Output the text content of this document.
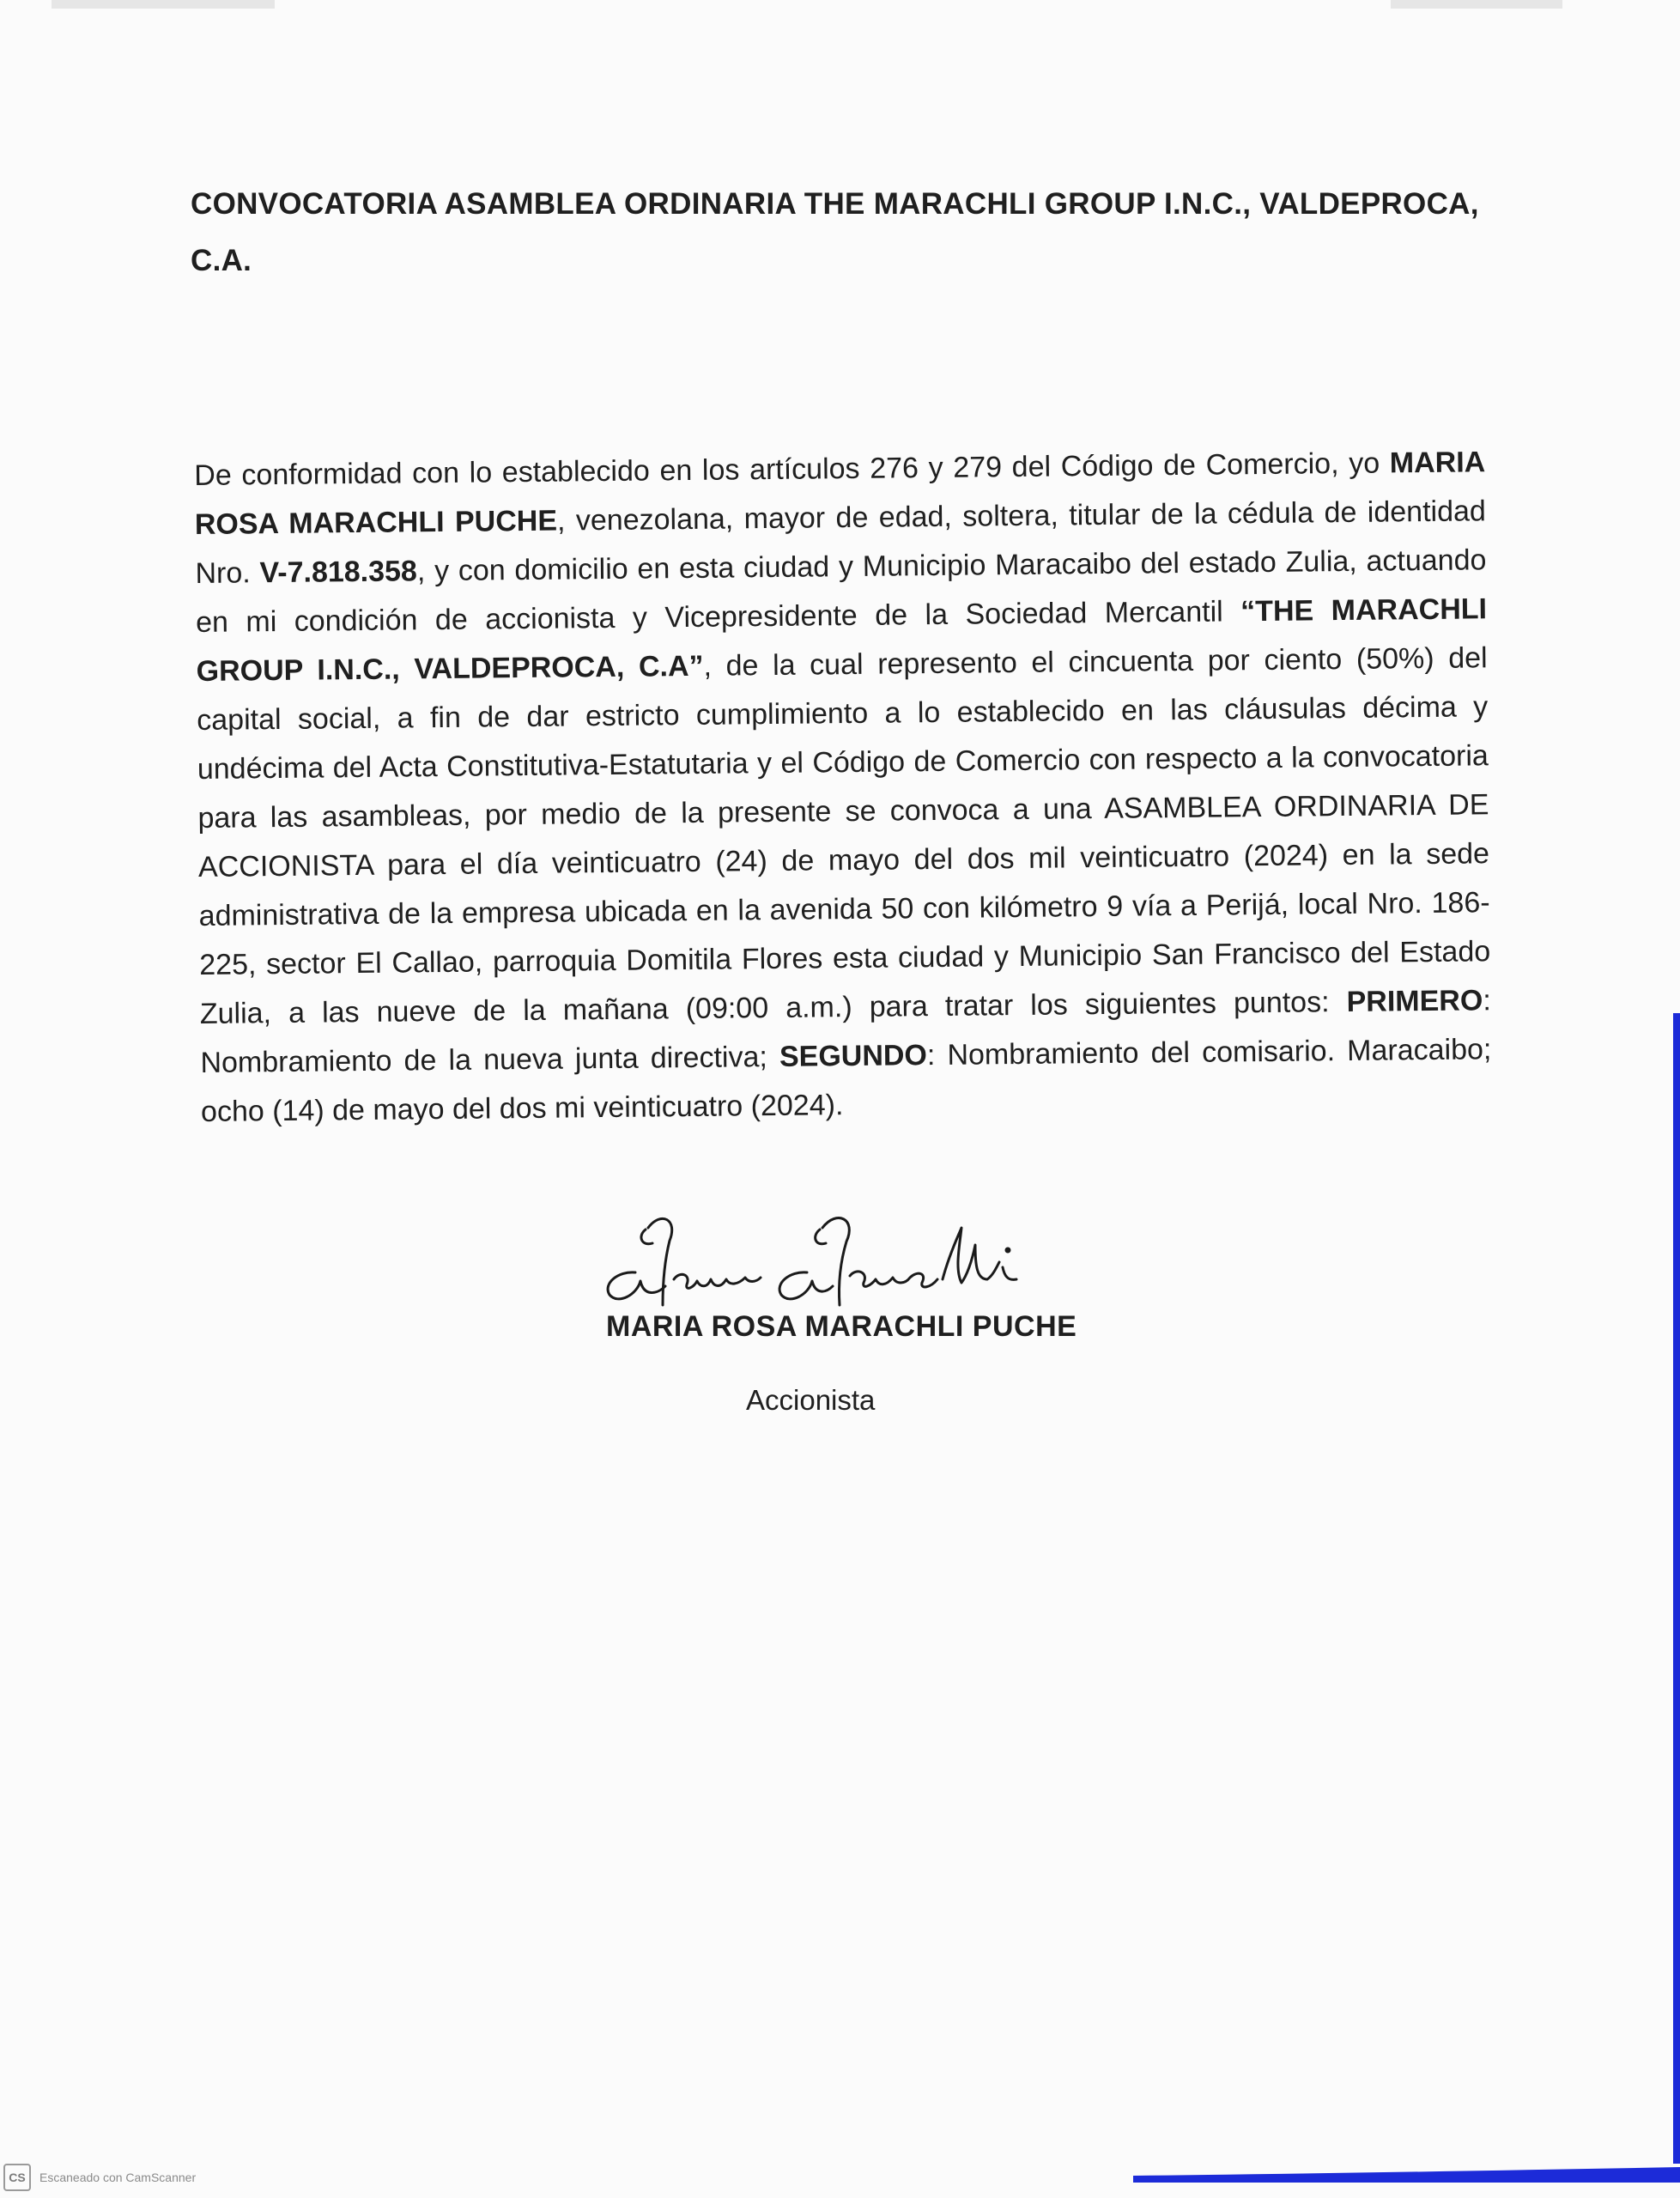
CONVOCATORIA ASAMBLEA ORDINARIA THE MARACHLI GROUP I.N.C., VALDEPROCA, C.A.
De conformidad con lo establecido en los artículos 276 y 279 del Código de Comercio, yo MARIA ROSA MARACHLI PUCHE, venezolana, mayor de edad, soltera, titular de la cédula de identidad Nro. V-7.818.358, y con domicilio en esta ciudad y Municipio Maracaibo del estado Zulia, actuando en mi condición de accionista y Vicepresidente de la Sociedad Mercantil “THE MARACHLI GROUP I.N.C., VALDEPROCA, C.A”, de la cual represento el cincuenta por ciento (50%) del capital social, a fin de dar estricto cumplimiento a lo establecido en las cláusulas décima y undécima del Acta Constitutiva-Estatutaria y el Código de Comercio con respecto a la convocatoria para las asambleas, por medio de la presente se convoca a una ASAMBLEA ORDINARIA DE ACCIONISTA para el día veinticuatro (24) de mayo del dos mil veinticuatro (2024) en la sede administrativa de la empresa ubicada en la avenida 50 con kilómetro 9 vía a Perijá, local Nro. 186-225, sector El Callao, parroquia Domitila Flores esta ciudad y Municipio San Francisco del Estado Zulia, a las nueve de la mañana (09:00 a.m.) para tratar los siguientes puntos: PRIMERO: Nombramiento de la nueva junta directiva; SEGUNDO: Nombramiento del comisario. Maracaibo; ocho (14) de mayo del dos mi veinticuatro (2024).
MARIA ROSA MARACHLI PUCHE
Accionista
CS	Escaneado con CamScanner
